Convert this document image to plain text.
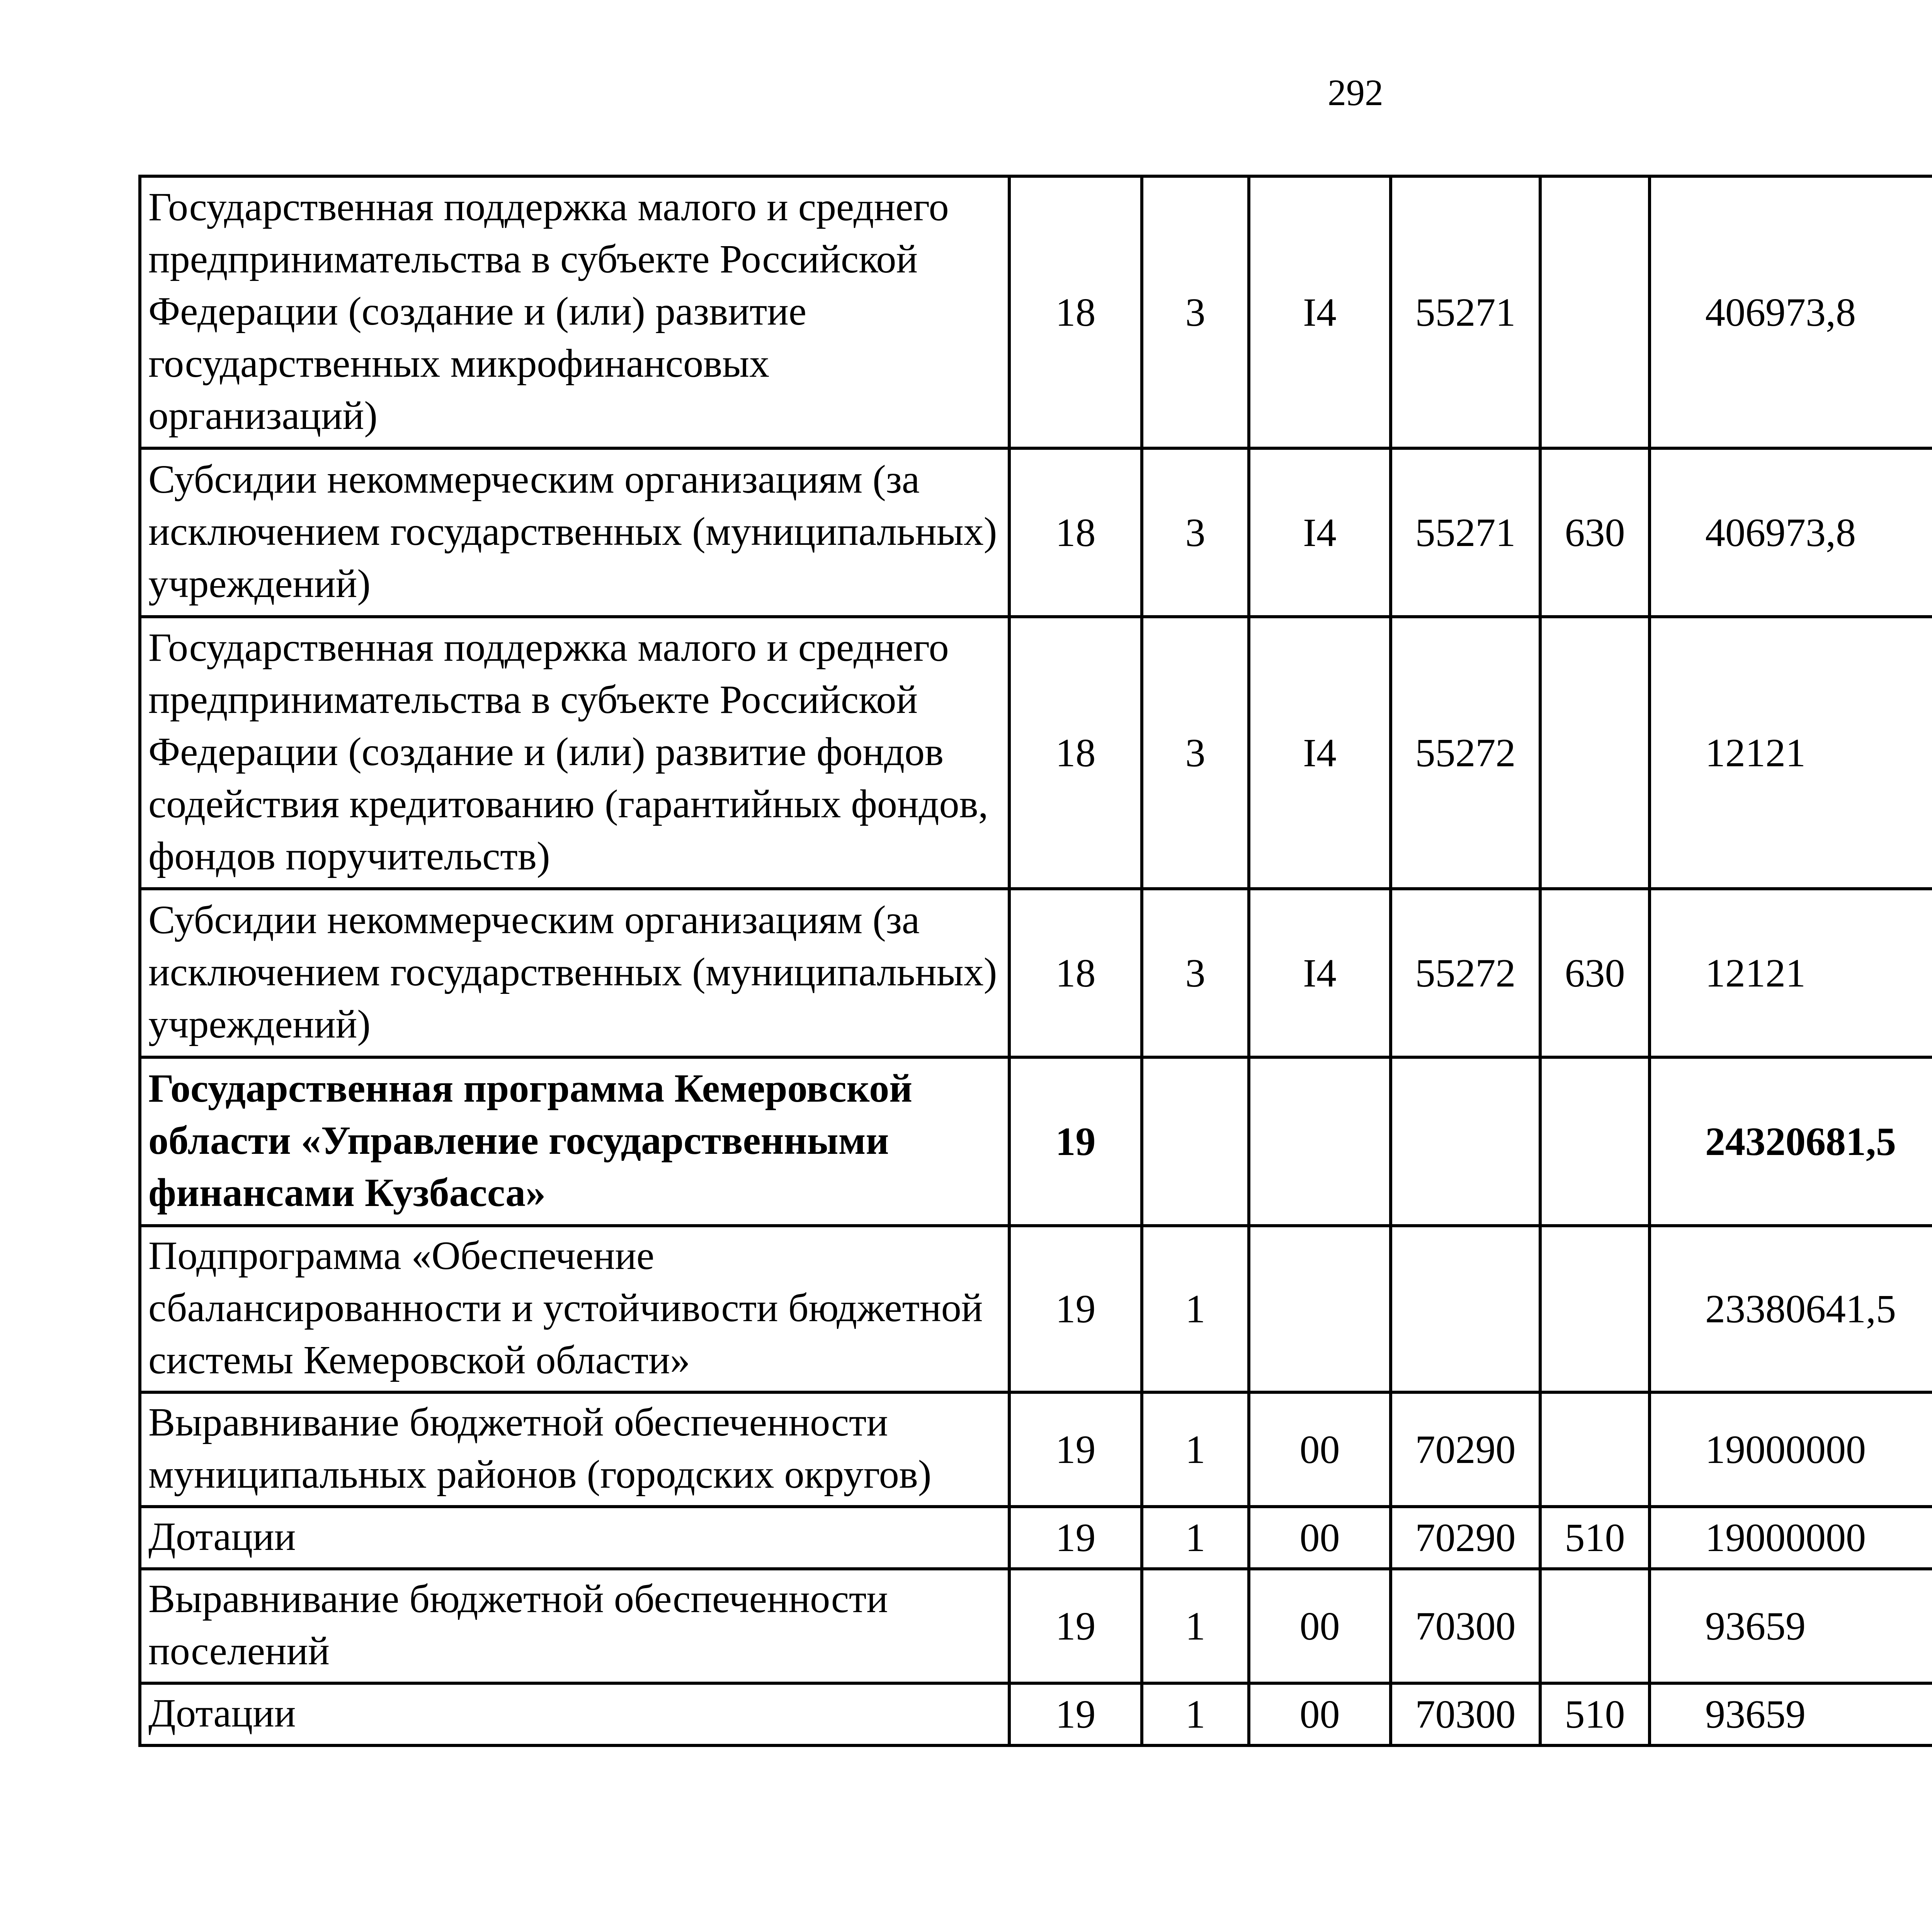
292
Государственная поддержка малого и среднего предпринимательства в субъекте Российской Федерации (создание и (или) развитие государственных микрофинансовых организаций)	18	3	I4	55271		406973,8		
Субсидии некоммерческим организациям (за исключением государственных (муниципальных) учреждений)	18	3	I4	55271	630	406973,8		
Государственная поддержка малого и среднего предпринимательства в субъекте Российской Федерации (создание и (или) развитие фондов содействия кредитованию (гарантийных фондов, фондов поручительств)	18	3	I4	55272		12121		
Субсидии некоммерческим организациям (за исключением государственных (муниципальных) учреждений)	18	3	I4	55272	630	12121		
Государственная программа Кемеровской области «Управление государственными финансами Кузбасса»	19					24320681,5		
Подпрограмма «Обеспечение сбалансированности и устойчивости бюджетной системы Кемеровской области»	19	1				23380641,5		
Выравнивание бюджетной обеспеченности муниципальных районов (городских округов)	19	1	00	70290		19000000		
Дотации	19	1	00	70290	510	19000000		
Выравнивание бюджетной обеспеченности поселений	19	1	00	70300		93659		
Дотации	19	1	00	70300	510	93659		
